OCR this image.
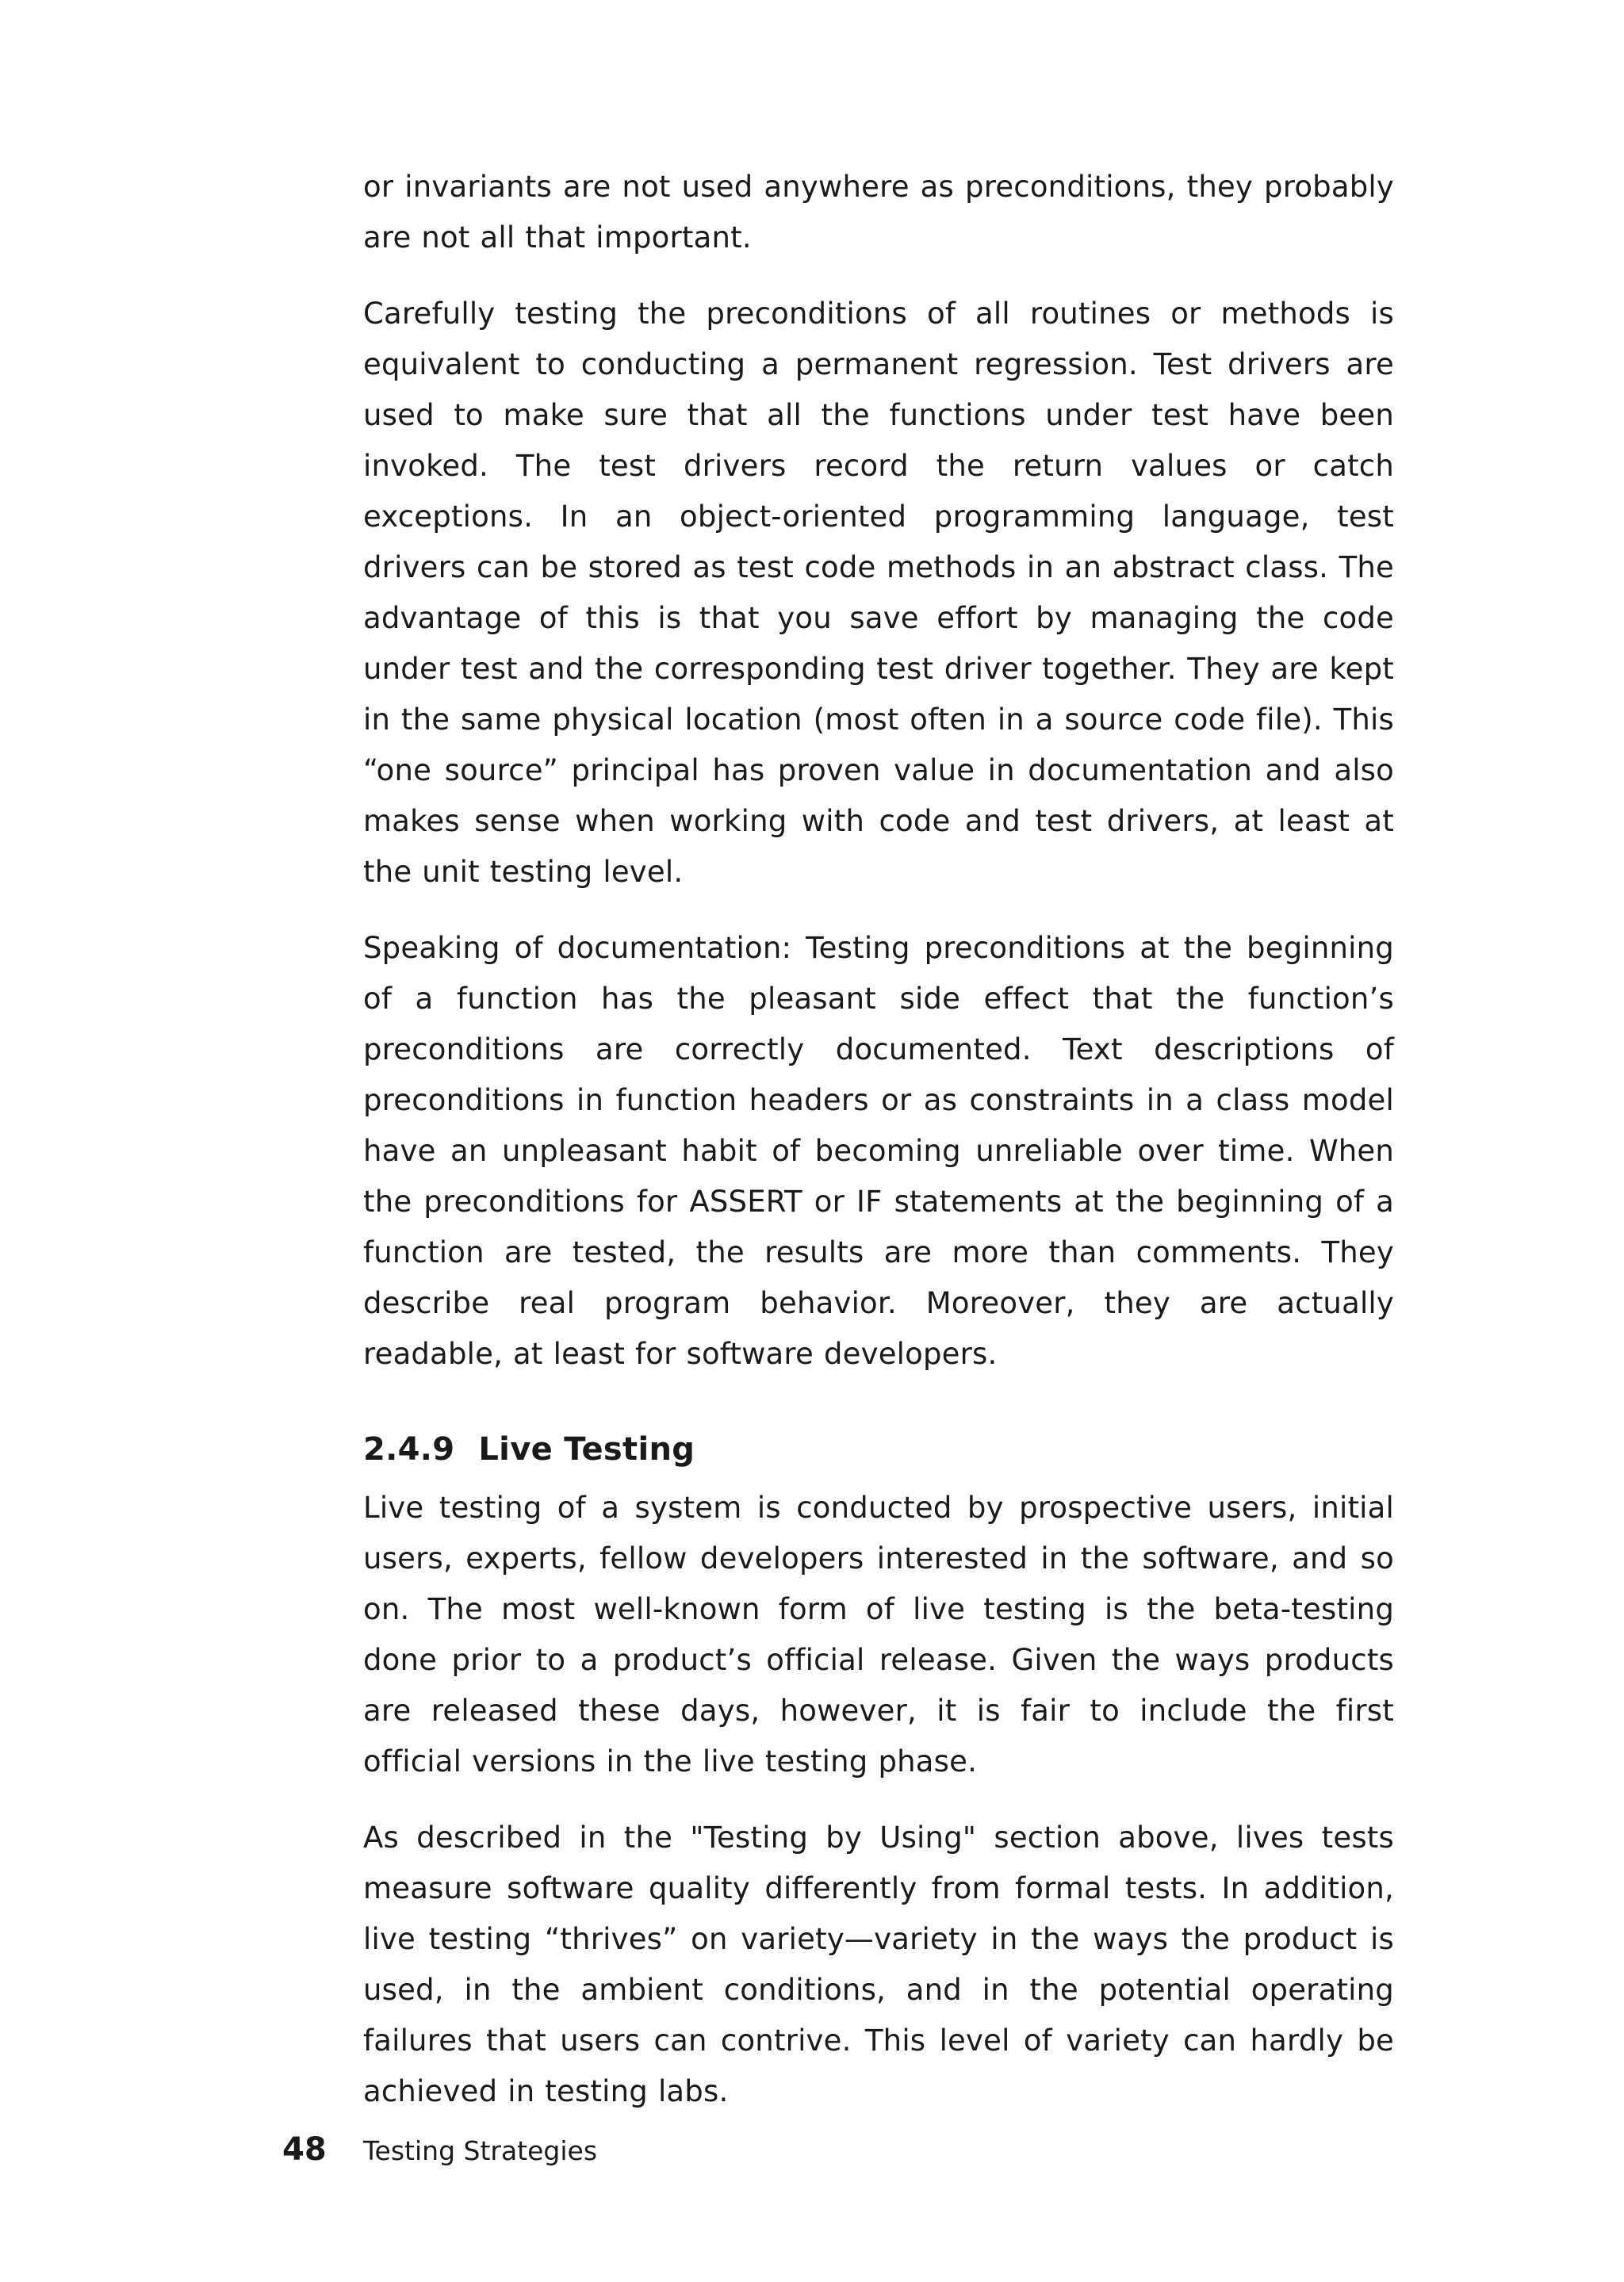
or invariants are not used anywhere as preconditions, they probably are not all that important.

Carefully testing the preconditions of all routines or methods is equivalent to conducting a permanent regression. Test drivers are used to make sure that all the functions under test have been invoked. The test drivers record the return values or catch exceptions. In an object-oriented programming language, test drivers can be stored as test code methods in an abstract class. The advantage of this is that you save effort by managing the code under test and the corresponding test driver together. They are kept in the same physical location (most often in a source code file). This “one source” principal has proven value in documentation and also makes sense when working with code and test drivers, at least at the unit testing level.

Speaking of documentation: Testing preconditions at the beginning of a function has the pleasant side effect that the function’s preconditions are correctly documented. Text descriptions of preconditions in function headers or as constraints in a class model have an unpleasant habit of becoming unreliable over time. When the preconditions for ASSERT or IF statements at the beginning of a function are tested, the results are more than comments. They describe real program behavior. Moreover, they are actually readable, at least for software developers.

2.4.9 Live Testing

Live testing of a system is conducted by prospective users, initial users, experts, fellow developers interested in the software, and so on. The most well-known form of live testing is the beta-testing done prior to a product’s official release. Given the ways products are released these days, however, it is fair to include the first official versions in the live testing phase.

As described in the "Testing by Using" section above, lives tests measure software quality differently from formal tests. In addition, live testing “thrives” on variety—variety in the ways the product is used, in the ambient conditions, and in the potential operating failures that users can contrive. This level of variety can hardly be achieved in testing labs.

48	Testing Strategies
